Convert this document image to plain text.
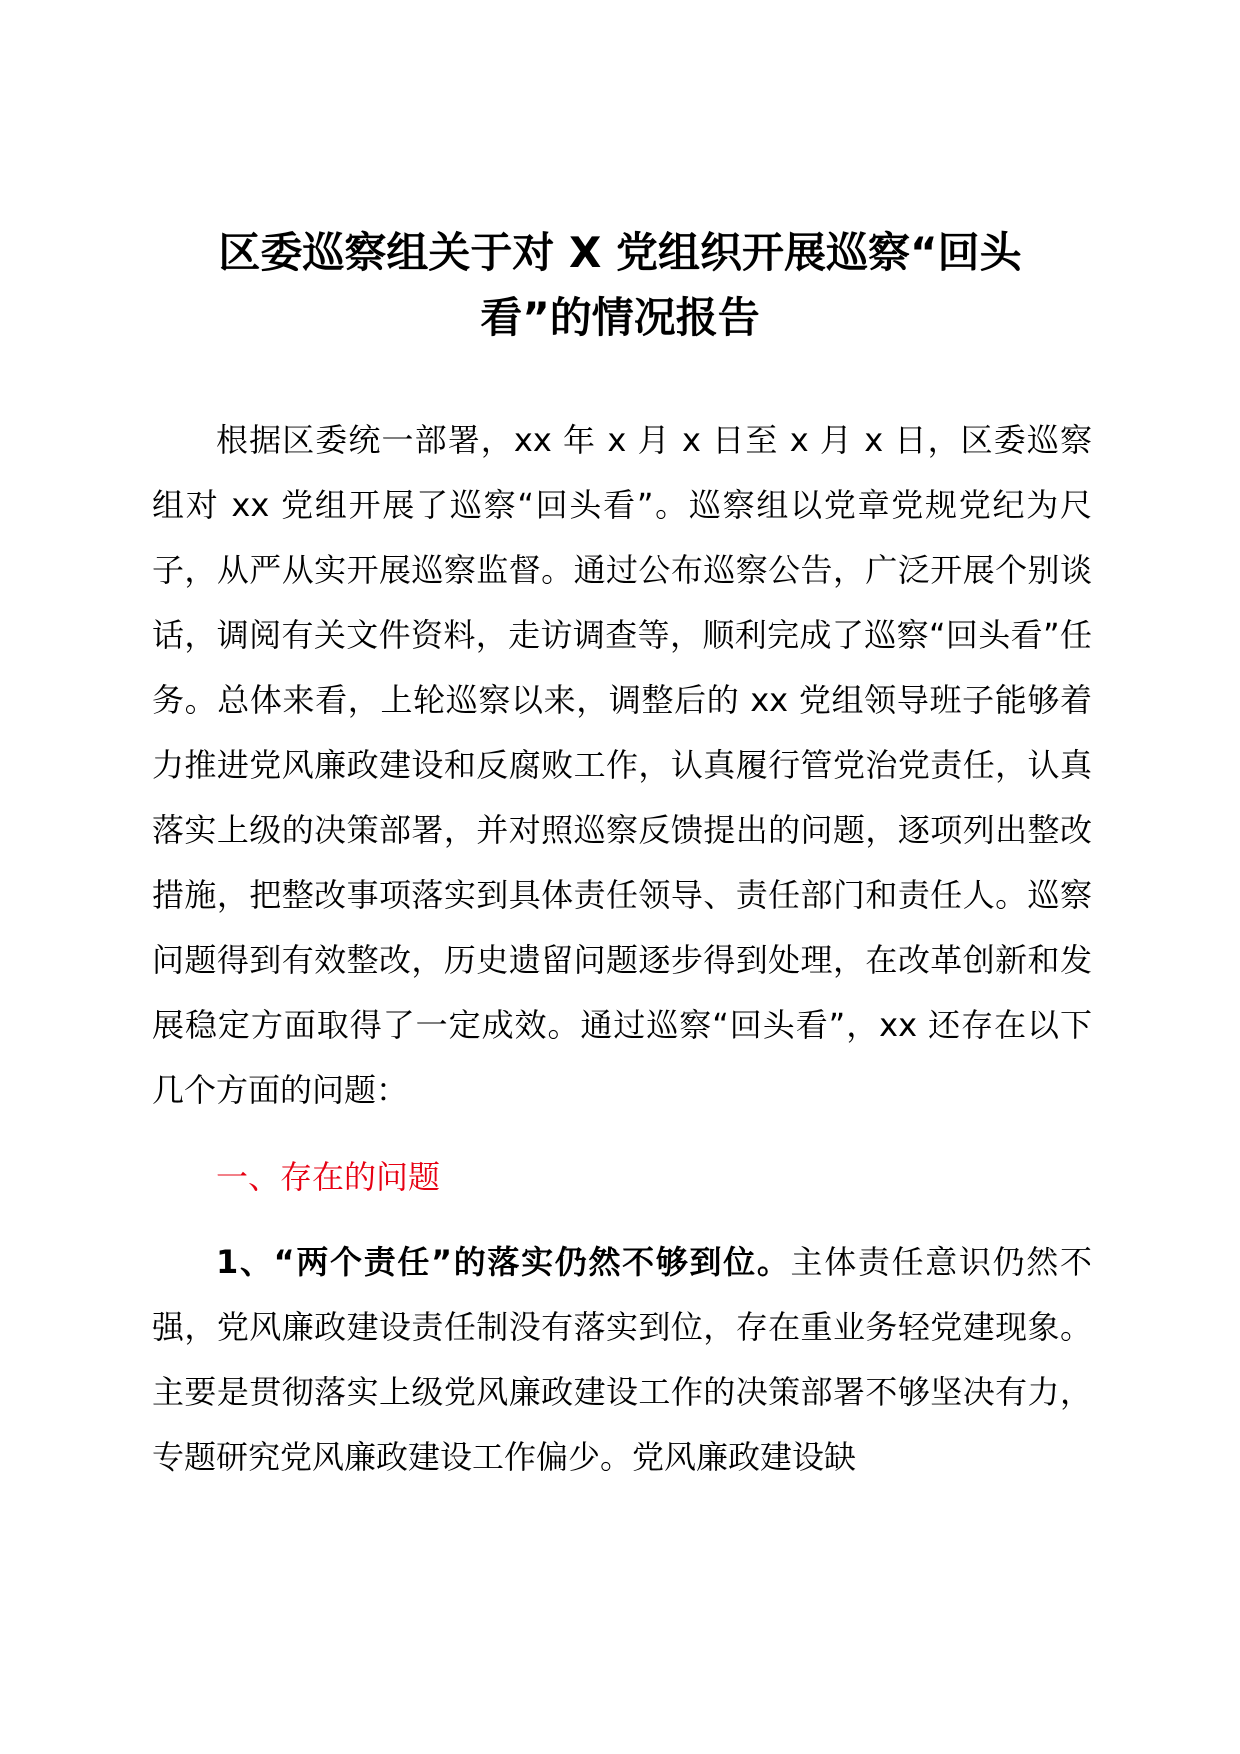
区委巡察组关于对 X 党组织开展巡察“回头
看”的情况报告

根据区委统一部署，xx 年 x 月 x 日至 x 月 x 日，区委巡察组对 xx 党组开展了巡察“回头看”。巡察组以党章党规党纪为尺子，从严从实开展巡察监督。通过公布巡察公告，广泛开展个别谈话，调阅有关文件资料，走访调查等，顺利完成了巡察“回头看”任务。总体来看，上轮巡察以来，调整后的 xx 党组领导班子能够着力推进党风廉政建设和反腐败工作，认真履行管党治党责任，认真落实上级的决策部署，并对照巡察反馈提出的问题，逐项列出整改措施，把整改事项落实到具体责任领导、责任部门和责任人。巡察问题得到有效整改，历史遗留问题逐步得到处理，在改革创新和发展稳定方面取得了一定成效。通过巡察“回头看”，xx 还存在以下几个方面的问题：

一、存在的问题

1、“两个责任”的落实仍然不够到位。主体责任意识仍然不强，党风廉政建设责任制没有落实到位，存在重业务轻党建现象。主要是贯彻落实上级党风廉政建设工作的决策部署不够坚决有力，专题研究党风廉政建设工作偏少。党风廉政建设缺
